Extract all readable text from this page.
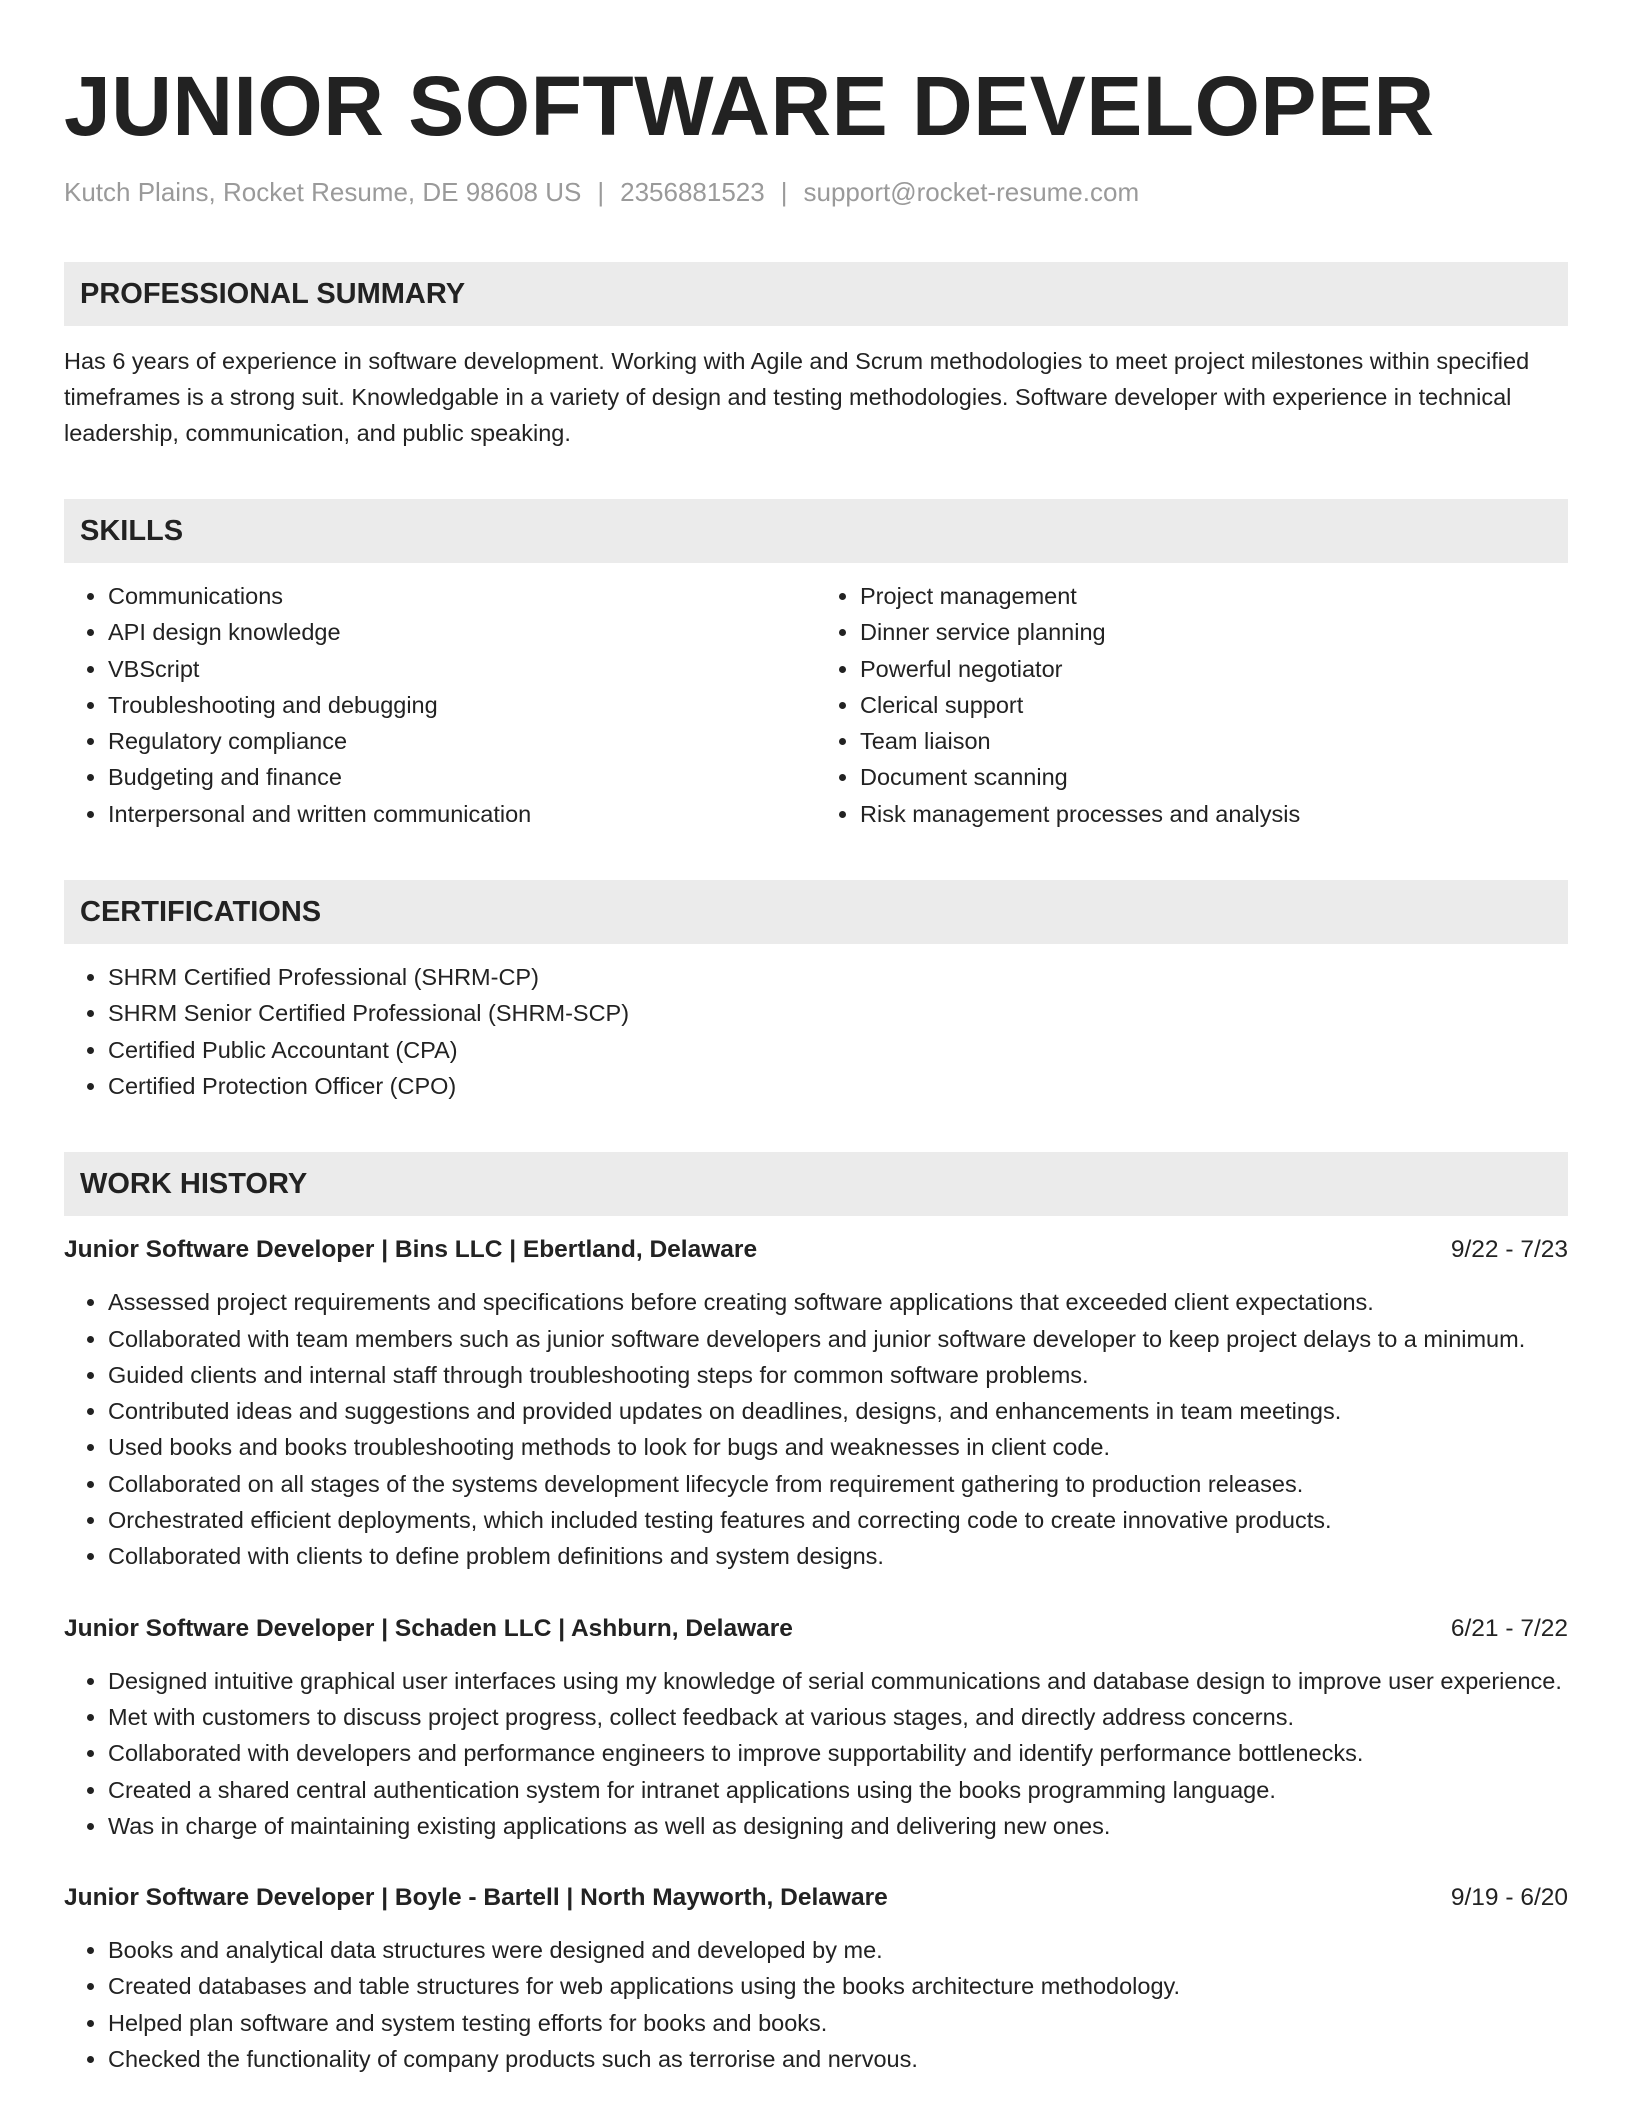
JUNIOR SOFTWARE DEVELOPER
Kutch Plains, Rocket Resume, DE 98608 US | 2356881523 | support@rocket-resume.com
PROFESSIONAL SUMMARY
Has 6 years of experience in software development. Working with Agile and Scrum methodologies to meet project milestones within specified timeframes is a strong suit. Knowledgable in a variety of design and testing methodologies. Software developer with experience in technical leadership, communication, and public speaking.
SKILLS
• Communications
• API design knowledge
• VBScript
• Troubleshooting and debugging
• Regulatory compliance
• Budgeting and finance
• Interpersonal and written communication
• Project management
• Dinner service planning
• Powerful negotiator
• Clerical support
• Team liaison
• Document scanning
• Risk management processes and analysis
CERTIFICATIONS
• SHRM Certified Professional (SHRM-CP)
• SHRM Senior Certified Professional (SHRM-SCP)
• Certified Public Accountant (CPA)
• Certified Protection Officer (CPO)
WORK HISTORY
Junior Software Developer | Bins LLC | Ebertland, Delaware	9/22 - 7/23
• Assessed project requirements and specifications before creating software applications that exceeded client expectations.
• Collaborated with team members such as junior software developers and junior software developer to keep project delays to a minimum.
• Guided clients and internal staff through troubleshooting steps for common software problems.
• Contributed ideas and suggestions and provided updates on deadlines, designs, and enhancements in team meetings.
• Used books and books troubleshooting methods to look for bugs and weaknesses in client code.
• Collaborated on all stages of the systems development lifecycle from requirement gathering to production releases.
• Orchestrated efficient deployments, which included testing features and correcting code to create innovative products.
• Collaborated with clients to define problem definitions and system designs.
Junior Software Developer | Schaden LLC | Ashburn, Delaware	6/21 - 7/22
• Designed intuitive graphical user interfaces using my knowledge of serial communications and database design to improve user experience.
• Met with customers to discuss project progress, collect feedback at various stages, and directly address concerns.
• Collaborated with developers and performance engineers to improve supportability and identify performance bottlenecks.
• Created a shared central authentication system for intranet applications using the books programming language.
• Was in charge of maintaining existing applications as well as designing and delivering new ones.
Junior Software Developer | Boyle - Bartell | North Mayworth, Delaware	9/19 - 6/20
• Books and analytical data structures were designed and developed by me.
• Created databases and table structures for web applications using the books architecture methodology.
• Helped plan software and system testing efforts for books and books.
• Checked the functionality of company products such as terrorise and nervous.
